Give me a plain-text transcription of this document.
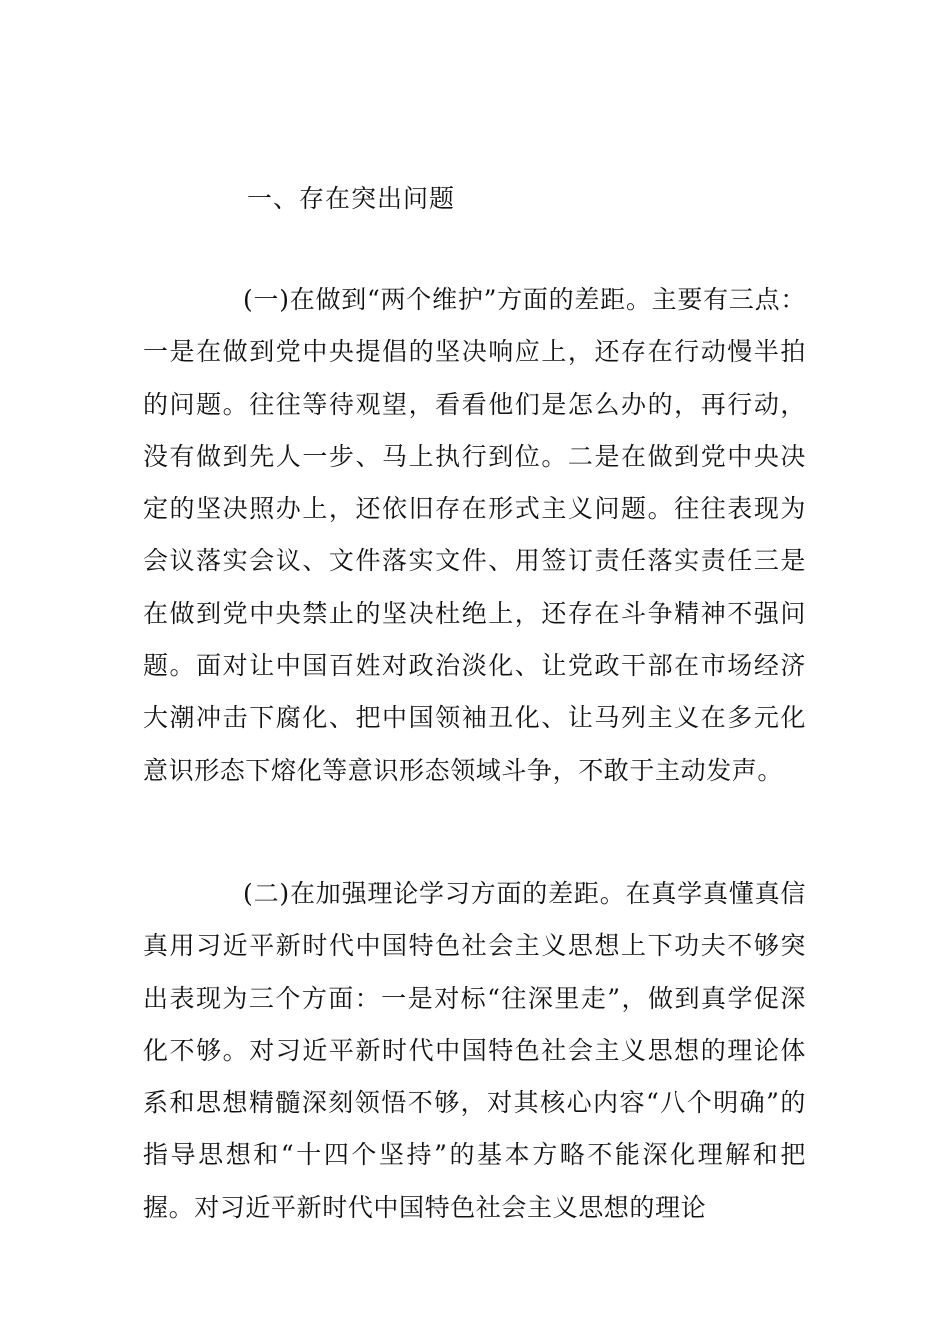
一、存在突出问题

(一)在做到“两个维护”方面的差距。主要有三点：一是在做到党中央提倡的坚决响应上，还存在行动慢半拍的问题。往往等待观望，看看他们是怎么办的，再行动，没有做到先人一步、马上执行到位。二是在做到党中央决定的坚决照办上，还依旧存在形式主义问题。往往表现为会议落实会议、文件落实文件、用签订责任落实责任三是在做到党中央禁止的坚决杜绝上，还存在斗争精神不强问题。面对让中国百姓对政治淡化、让党政干部在市场经济大潮冲击下腐化、把中国领袖丑化、让马列主义在多元化意识形态下熔化等意识形态领域斗争，不敢于主动发声。

(二)在加强理论学习方面的差距。在真学真懂真信真用习近平新时代中国特色社会主义思想上下功夫不够突出表现为三个方面：一是对标“往深里走”，做到真学促深化不够。对习近平新时代中国特色社会主义思想的理论体系和思想精髓深刻领悟不够，对其核心内容“八个明确”的指导思想和“十四个坚持”的基本方略不能深化理解和把握。对习近平新时代中国特色社会主义思想的理论
